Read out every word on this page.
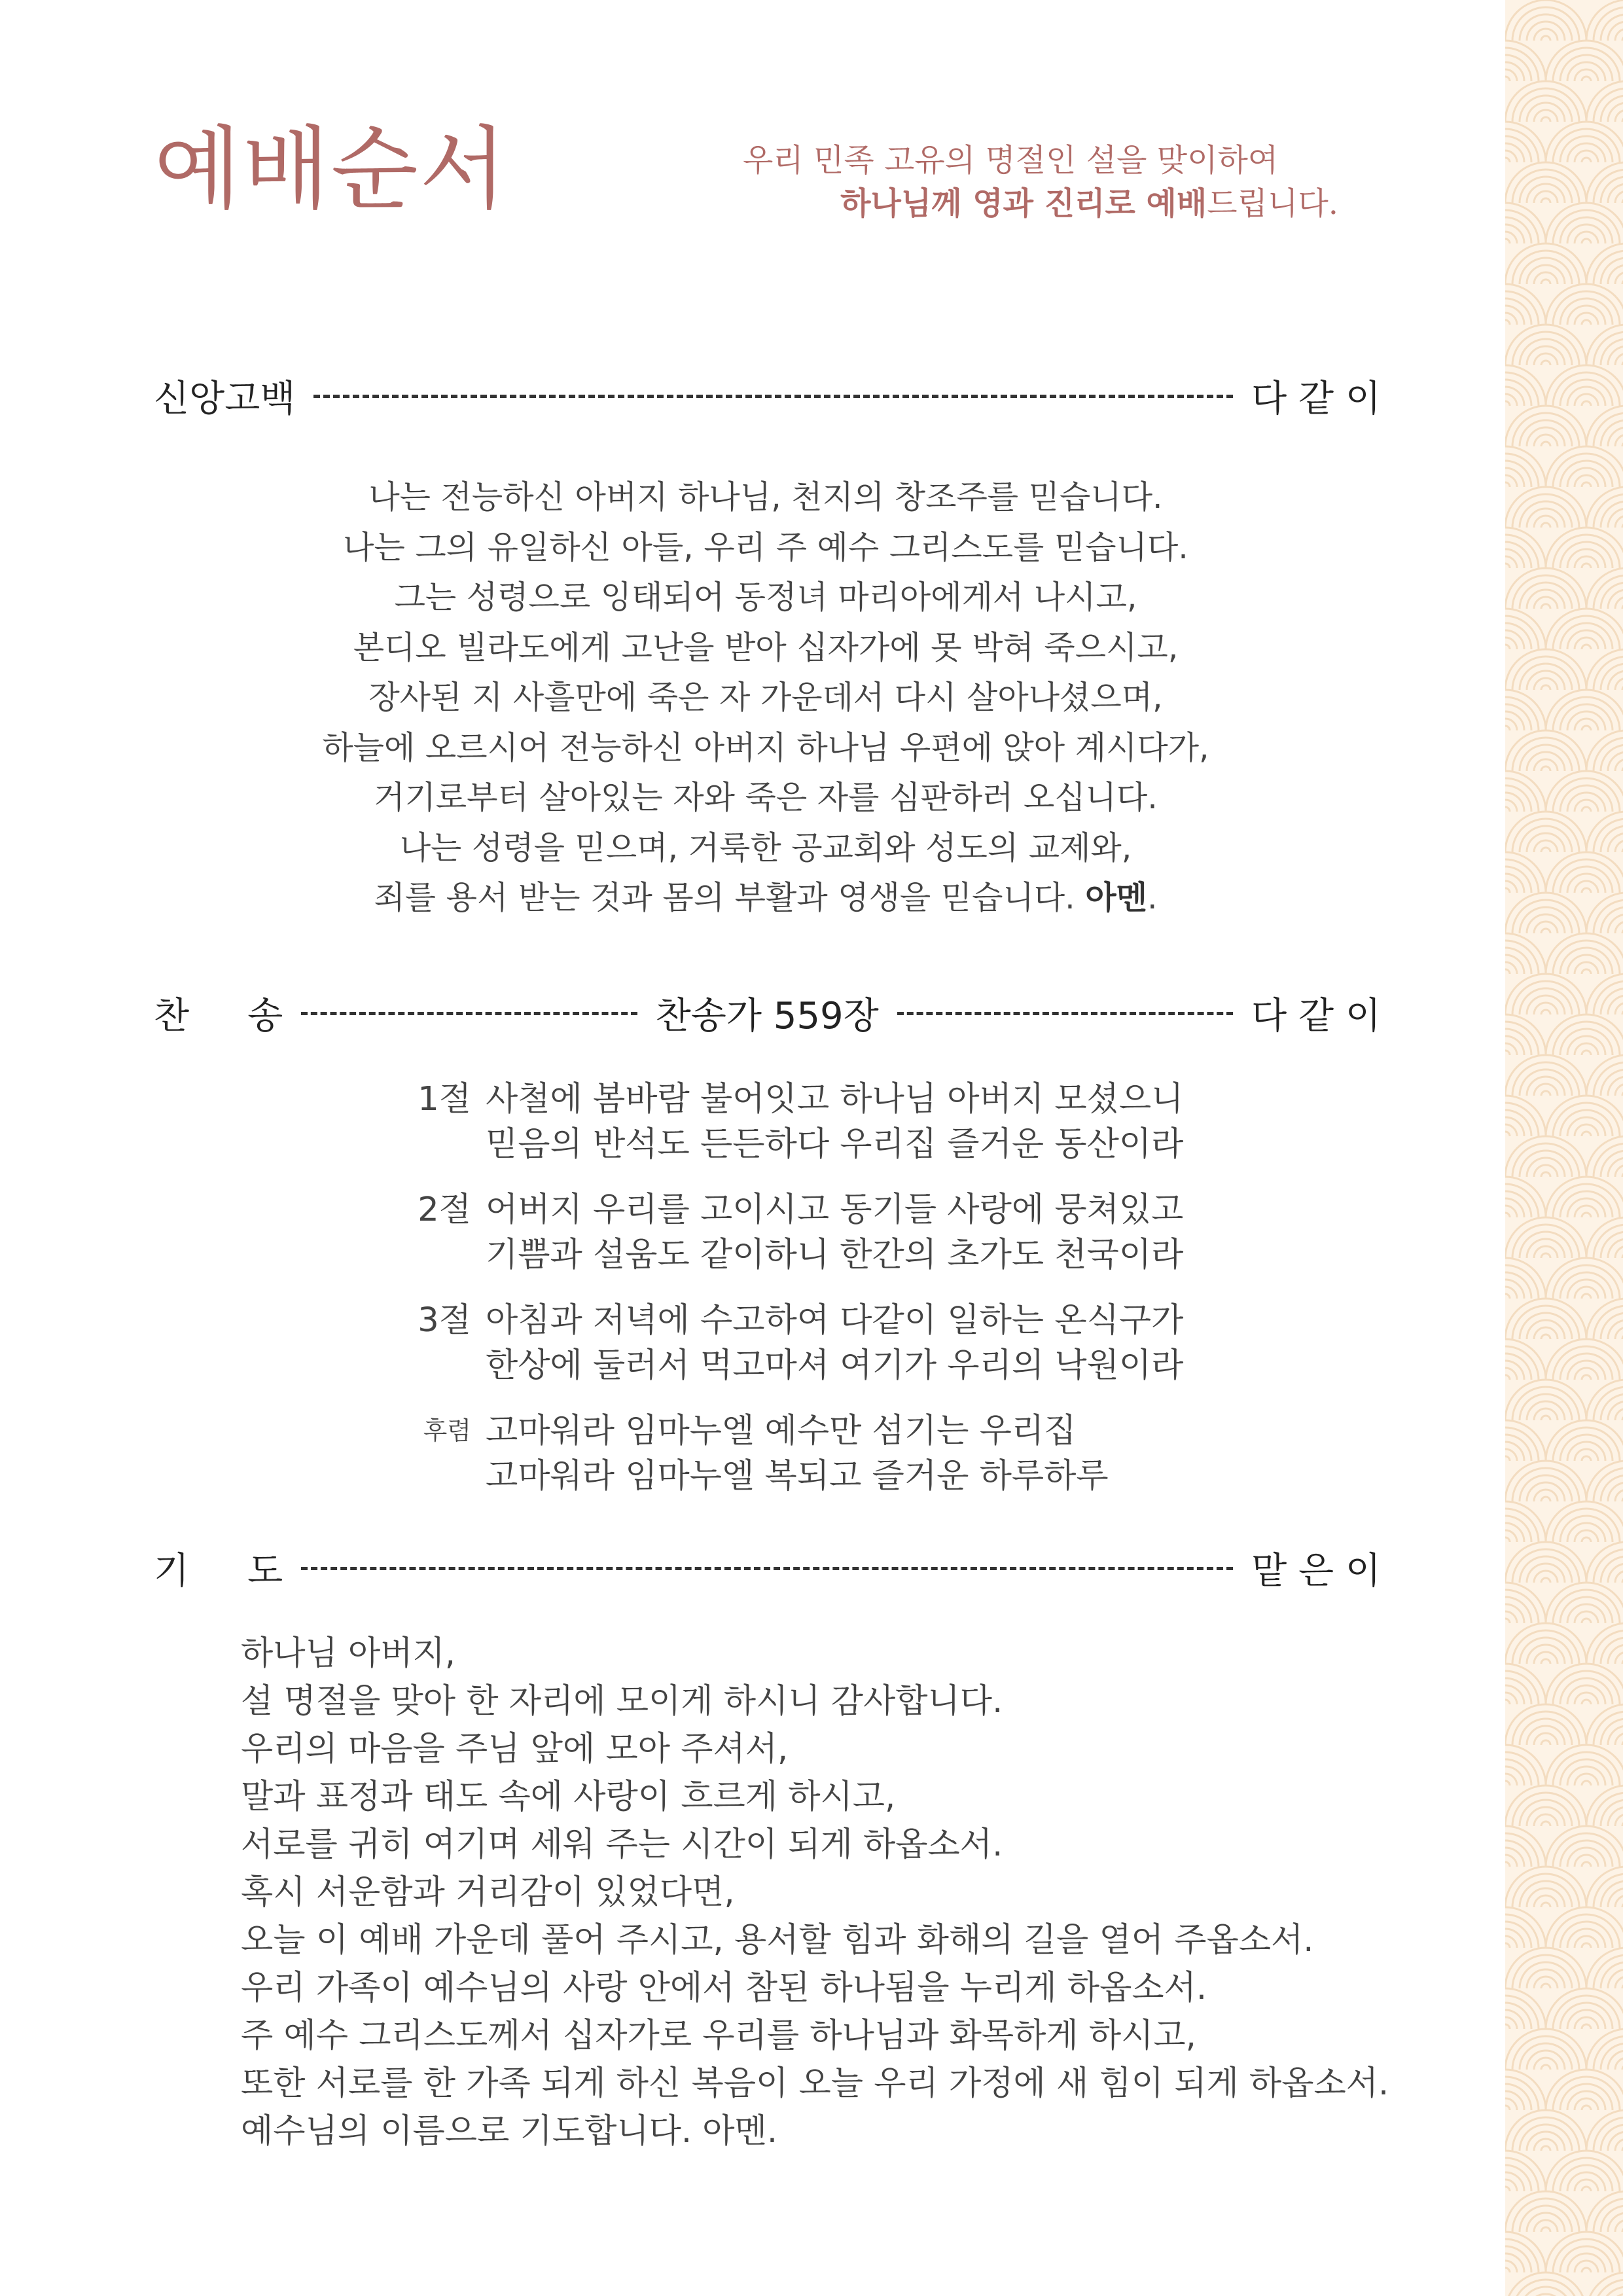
예배순서	우리 민족 고유의 명절인 설을 맞이하여
하나님께 영과 진리로 예배드립니다.
신앙고백	다 같 이
나는 전능하신 아버지 하나님, 천지의 창조주를 믿습니다.
나는 그의 유일하신 아들, 우리 주 예수 그리스도를 믿습니다.
그는 성령으로 잉태되어 동정녀 마리아에게서 나시고,
본디오 빌라도에게 고난을 받아 십자가에 못 박혀 죽으시고,
장사된 지 사흘만에 죽은 자 가운데서 다시 살아나셨으며,
하늘에 오르시어 전능하신 아버지 하나님 우편에 앉아 계시다가,
거기로부터 살아있는 자와 죽은 자를 심판하러 오십니다.
나는 성령을 믿으며, 거룩한 공교회와 성도의 교제와,
죄를 용서 받는 것과 몸의 부활과 영생을 믿습니다. 아멘.
찬     송	찬송가 559장	다 같 이
1절 사철에 봄바람 불어잇고 하나님 아버지 모셨으니
믿음의 반석도 든든하다 우리집 즐거운 동산이라
2절 어버지 우리를 고이시고 동기들 사랑에 뭉쳐있고
기쁨과 설움도 같이하니 한간의 초가도 천국이라
3절 아침과 저녁에 수고하여 다같이 일하는 온식구가
한상에 둘러서 먹고마셔 여기가 우리의 낙원이라
후렴 고마워라 임마누엘 예수만 섬기는 우리집
고마워라 임마누엘 복되고 즐거운 하루하루
기     도	맡 은 이
하나님 아버지,
설 명절을 맞아 한 자리에 모이게 하시니 감사합니다.
우리의 마음을 주님 앞에 모아 주셔서,
말과 표정과 태도 속에 사랑이 흐르게 하시고,
서로를 귀히 여기며 세워 주는 시간이 되게 하옵소서.
혹시 서운함과 거리감이 있었다면,
오늘 이 예배 가운데 풀어 주시고, 용서할 힘과 화해의 길을 열어 주옵소서.
우리 가족이 예수님의 사랑 안에서 참된 하나됨을 누리게 하옵소서.
주 예수 그리스도께서 십자가로 우리를 하나님과 화목하게 하시고,
또한 서로를 한 가족 되게 하신 복음이 오늘 우리 가정에 새 힘이 되게 하옵소서.
예수님의 이름으로 기도합니다. 아멘.
